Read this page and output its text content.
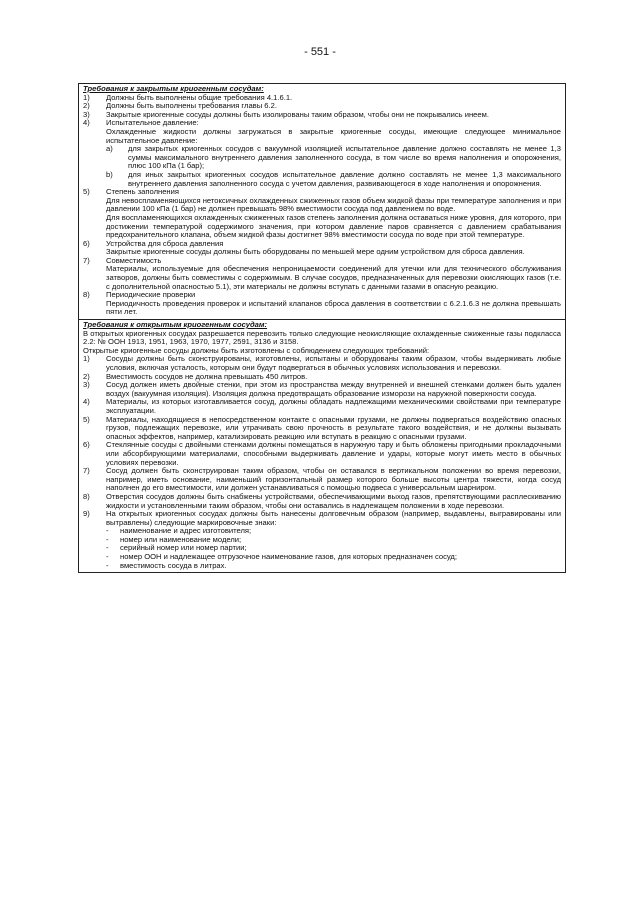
- 551 -
Требования к закрытым криогенным сосудам:
1)	Должны быть выполнены общие требования 4.1.6.1.
2)	Должны быть выполнены требования главы 6.2.
3)	Закрытые криогенные сосуды должны быть изолированы таким образом, чтобы они не покрывались инеем.
4)	Испытательное давление:
Охлажденные жидкости должны загружаться в закрытые криогенные сосуды, имеющие следующее минимальное испытательное давление:
a)	для закрытых криогенных сосудов с вакуумной изоляцией испытательное давление должно составлять не менее 1,3 суммы максимального внутреннего давления заполненного сосуда, в том числе во время наполнения и опорожнения, плюс 100 кПа (1 бар);
b)	для иных закрытых криогенных сосудов испытательное давление должно составлять не менее 1,3 максимального внутреннего давления заполненного сосуда с учетом давления, развивающегося в ходе наполнения и опорожнения.
5)	Степень заполнения
Для невоспламеняющихся нетоксичных охлажденных сжиженных газов объем жидкой фазы при температуре заполнения и при давлении 100 кПа (1 бар) не должен превышать 98% вместимости сосуда под давлением по воде.
Для воспламеняющихся охлажденных сжиженных газов степень заполнения должна оставаться ниже уровня, для которого, при достижении температурой содержимого значения, при котором давление паров сравняется с давлением срабатывания предохранительного клапана, объем жидкой фазы достигнет 98% вместимости сосуда по воде при этой температуре.
6)	Устройства для сброса давления
Закрытые криогенные сосуды должны быть оборудованы по меньшей мере одним устройством для сброса давления.
7)	Совместимость
Материалы, используемые для обеспечения непроницаемости соединений для утечки или для технического обслуживания затворов, должны быть совместимы с содержимым. В случае сосудов, предназначенных для перевозки окисляющих газов (т.е. с дополнительной опасностью 5.1), эти материалы не должны вступать с данными газами в опасную реакцию.
8)	Периодические проверки
Периодичность проведения проверок и испытаний клапанов сброса давления в соответствии с 6.2.1.6.3 не должна превышать пяти лет.
Требования к открытым криогенным сосудам:
В открытых криогенных сосудах разрешается перевозить только следующие неокисляющие охлажденные сжиженные газы подкласса 2.2: № ООН 1913, 1951, 1963, 1970, 1977, 2591, 3136 и 3158.
Открытые криогенные сосуды должны быть изготовлены с соблюдением следующих требований:
1)	Сосуды должны быть сконструированы, изготовлены, испытаны и оборудованы таким образом, чтобы выдерживать любые условия, включая усталость, которым они будут подвергаться в обычных условиях использования и перевозки.
2)	Вместимость сосудов не должна превышать 450 литров.
3)	Сосуд должен иметь двойные стенки, при этом из пространства между внутренней и внешней стенками должен быть удален воздух (вакуумная изоляция). Изоляция должна предотвращать образование изморози на наружной поверхности сосуда.
4)	Материалы, из которых изготавливается сосуд, должны обладать надлежащими механическими свойствами при температуре эксплуатации.
5)	Материалы, находящиеся в непосредственном контакте с опасными грузами, не должны подвергаться воздействию опасных грузов, подлежащих перевозке, или утрачивать свою прочность в результате такого воздействия, и не должны вызывать опасных эффектов, например, катализировать реакцию или вступать в реакцию с опасными грузами.
6)	Стеклянные сосуды с двойными стенками должны помещаться в наружную тару и быть обложены пригодными прокладочными или абсорбирующими материалами, способными выдерживать давление и удары, которые могут иметь место в обычных условиях перевозки.
7)	Сосуд должен быть сконструирован таким образом, чтобы он оставался в вертикальном положении во время перевозки, например, иметь основание, наименьший горизонтальный размер которого больше высоты центра тяжести, когда сосуд наполнен до его вместимости, или должен устанавливаться с помощью подвеса с универсальным шарниром.
8)	Отверстия сосудов должны быть снабжены устройствами, обеспечивающими выход газов, препятствующими расплескиванию жидкости и установленными таким образом, чтобы они оставались в надлежащем положении в ходе перевозки.
9)	На открытых криогенных сосудах должны быть нанесены долговечным образом (например, выдавлены, выгравированы или вытравлены) следующие маркировочные знаки:
-	наименование и адрес изготовителя;
-	номер или наименование модели;
-	серийный номер или номер партии;
-	номер ООН и надлежащее отгрузочное наименование газов, для которых предназначен сосуд;
-	вместимость сосуда в литрах.
